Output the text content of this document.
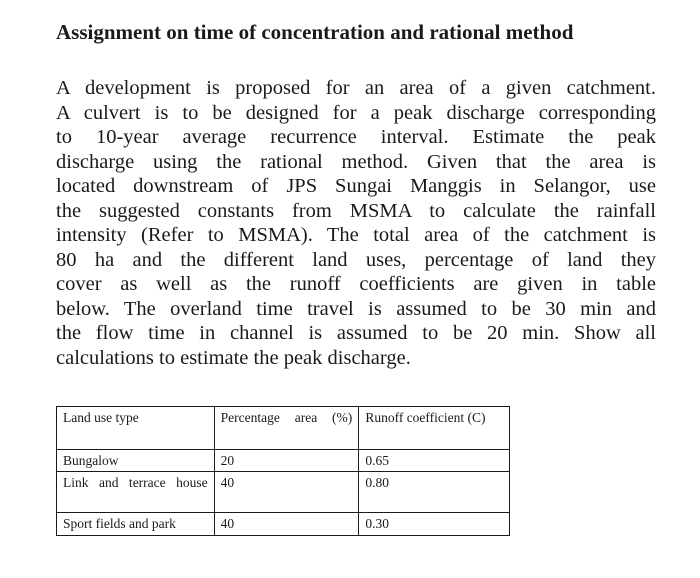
Assignment on time of concentration and rational method
A development is proposed for an area of a given catchment.
A culvert is to be designed for a peak discharge corresponding
to 10-year average recurrence interval. Estimate the peak
discharge using the rational method. Given that the area is
located downstream of JPS Sungai Manggis in Selangor, use
the suggested constants from MSMA to calculate the rainfall
intensity (Refer to MSMA). The total area of the catchment is
80 ha and the different land uses, percentage of land they
cover as well as the runoff coefficients are given in table
below. The overland time travel is assumed to be 30 min and
the flow time in channel is assumed to be 20 min. Show all
calculations to estimate the peak discharge.
Land use type	Percentage area (%)	Runoff coefficient (C)
Bungalow	20	0.65

Link and terrace house	40	0.80
Sport fields and park	40	0.30
